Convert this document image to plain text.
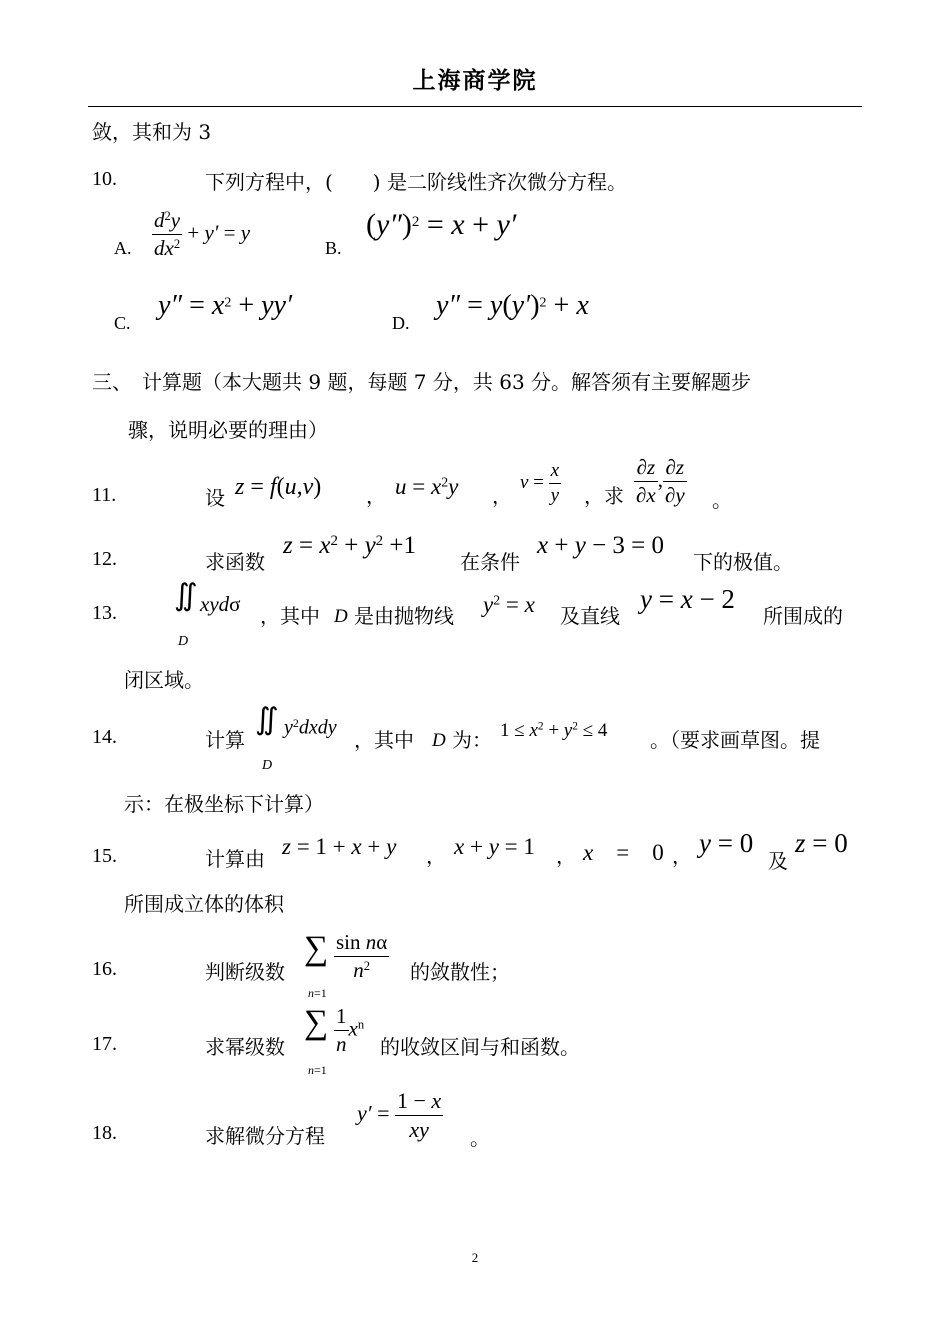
上海商学院
敛，其和为 3
10.	下列方程中，(　　) 是二阶线性齐次微分方程。
A. $\frac{d^2y}{dx^2} + y' = y$
B.
$(y'')^2 = x + y'$
C.
$y'' = x^2 + yy'$
D.
$y'' = y(y')^2 + x$
三、　计算题（本大题共 9 题，每题 7 分，共 63 分。解答须有主要解题步
骤，说明必要的理由）
11.	设 z = f(u,v) ， $u = x^2y$ ，
$v = \frac{x}{y}$ ，求 $\frac{\partial z}{\partial x}$ , $\frac{\partial z}{\partial y}$ 。
12.	求函数
$z = x^2 + y^2 +1$
在条件
x + y − 3 = 0
下的极值。
13.
∬
D
xydσ ，其中 D 是由抛物线 $y^2 = x$ 及直线
y = x − 2
所围成的
闭区域。
14.	计算
∬
D
$y^2dxdy$
，其中 D 为： $1 \le x^2 + y^2 \le 4$ 。（要求画草图。提
示：在极坐标下计算）
15.	计算由 z = 1 + x + y ， x + y = 1 ， x　=　0 ， y = 0
及
z = 0
所围成立体的体积
16.	判断级数
∑
n=1
$\frac{\text{sin nα}}{n^2}$ 的敛散性；
17.	求幂级数
∑
n=1
$\frac{1}{n} x^n$
的收敛区间与和函数。
18.	求解微分方程
$y' = \frac{1 - x}{xy}$ 。
2
